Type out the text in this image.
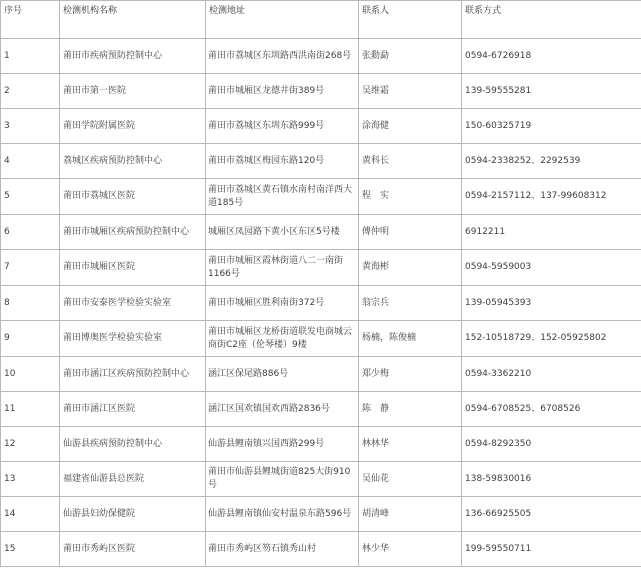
序号	检测机构名称	检测地址	联系人	联系方式
1	莆田市疾病预防控制中心	莆田市荔城区东圳路西洪南街268号	张勳勐	0594-6726918
2	莆田市第一医院	莆田市城厢区龙德井街389号	吴维霜	139-59555281
3	莆田学院附属医院	莆田市荔城区东圳东路999号	涂海健	150-60325719
4	荔城区疾病预防控制中心	莆田市荔城区梅园东路120号	黄科长	0594-2338252、2292539
5	莆田市荔城区医院	莆田市荔城区黄石镇水南村南洋西大道185号	程　实	0594-2157112、137-99608312
6	莆田市城厢区疾病预防控制中心	城厢区凤园路下黄小区东区5号楼	傅仲明	6912211
7	莆田市城厢区医院	莆田市城厢区霞林街道八二一南街1166号	黄海彬	0594-5959003
8	莆田市安泰医学检验实验室	莆田市城厢区胜利南街372号	翁宗兵	139-05945393
9	莆田博奥医学检验实验室	莆田市城厢区龙桥街道联发电商城云商街C2座（伦琴楼）9楼	杨楠，陈俊楠	152-10518729、152-05925802
10	莆田市涵江区疾病预防控制中心	涵江区保尾路886号	郑少梅	0594-3362210
11	莆田市涵江区医院	涵江区国欢镇国欢西路2836号	陈　静	0594-6708525、6708526
12	仙游县疾病预防控制中心	仙游县鲤南镇兴国西路299号	林林华	0594-8292350
13	福建省仙游县总医院	莆田市仙游县鲤城街道825大街910号	吴仙花	138-59830016
14	仙游县妇幼保健院	仙游县鲤南镇仙安村温泉东路596号	胡清峰	136-66925505
15	莆田市秀屿区医院	莆田市秀屿区笏石镇秀山村	林少华	199-59550711
